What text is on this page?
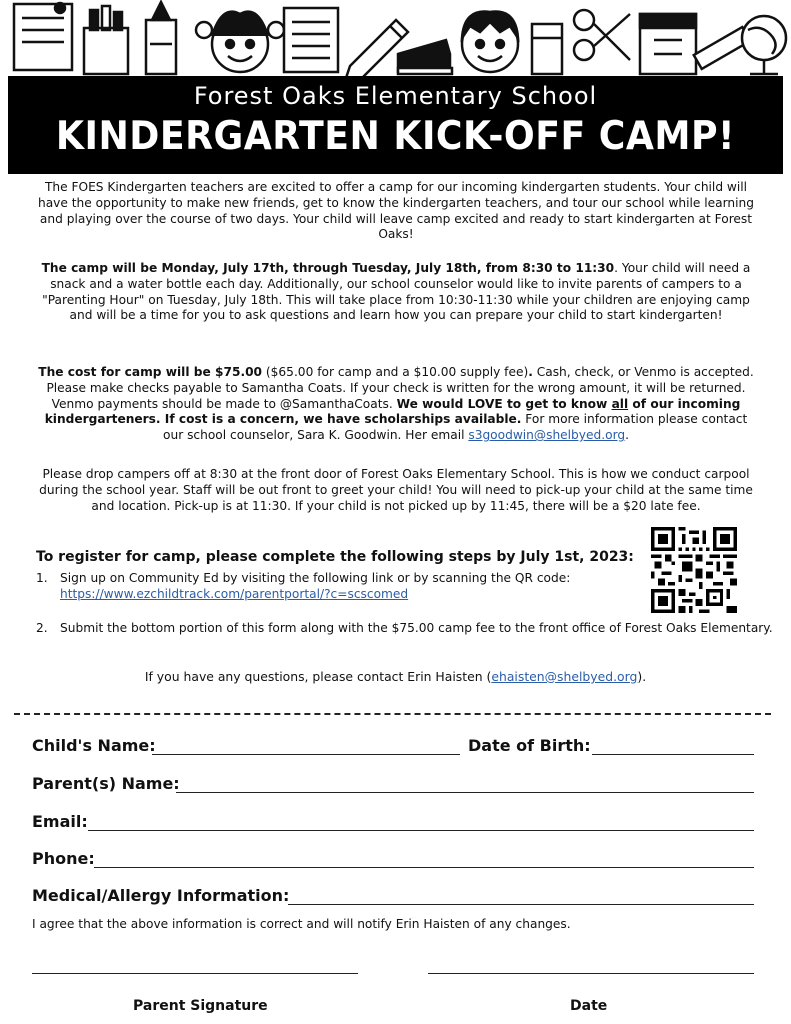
Forest Oaks Elementary School
KINDERGARTEN KICK-OFF CAMP!
The FOES Kindergarten teachers are excited to offer a camp for our incoming kindergarten students. Your child will have the opportunity to make new friends, get to know the kindergarten teachers, and tour our school while learning and playing over the course of two days. Your child will leave camp excited and ready to start kindergarten at Forest Oaks!
The camp will be Monday, July 17th, through Tuesday, July 18th, from 8:30 to 11:30. Your child will need a snack and a water bottle each day. Additionally, our school counselor would like to invite parents of campers to a "Parenting Hour" on Tuesday, July 18th. This will take place from 10:30-11:30 while your children are enjoying camp and will be a time for you to ask questions and learn how you can prepare your child to start kindergarten!
The cost for camp will be $75.00 ($65.00 for camp and a $10.00 supply fee). Cash, check, or Venmo is accepted. Please make checks payable to Samantha Coats. If your check is written for the wrong amount, it will be returned. Venmo payments should be made to @SamanthaCoats. We would LOVE to get to know all of our incoming kindergarteners. If cost is a concern, we have scholarships available. For more information please contact our school counselor, Sara K. Goodwin. Her email s3goodwin@shelbyed.org.
Please drop campers off at 8:30 at the front door of Forest Oaks Elementary School. This is how we conduct carpool during the school year. Staff will be out front to greet your child! You will need to pick-up your child at the same time and location. Pick-up is at 11:30. If your child is not picked up by 11:45, there will be a $20 late fee.
To register for camp, please complete the following steps by July 1st, 2023:
1. Sign up on Community Ed by visiting the following link or by scanning the QR code:
https://www.ezchildtrack.com/parentportal/?c=scscomed
2. Submit the bottom portion of this form along with the $75.00 camp fee to the front office of Forest Oaks Elementary.
If you have any questions, please contact Erin Haisten (ehaisten@shelbyed.org).
Child's Name:	Date of Birth:
Parent(s) Name:
Email:
Phone:
Medical/Allergy Information:
I agree that the above information is correct and will notify Erin Haisten of any changes.
Parent Signature	Date
